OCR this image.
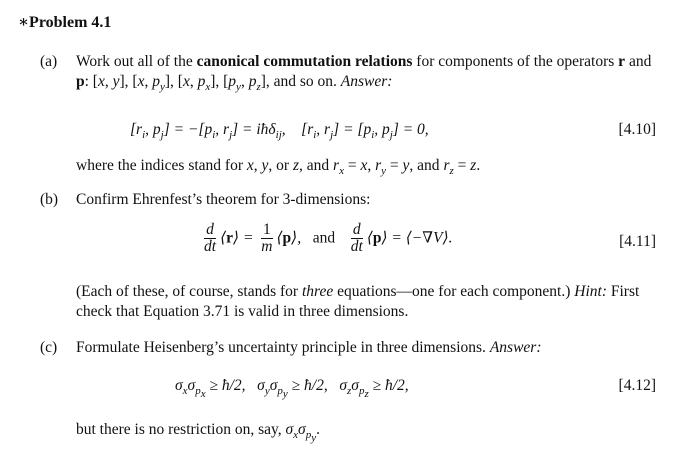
∗Problem 4.1
(a) Work out all of the canonical commutation relations for components of the operators r and p: [x, y], [x, $p_y$], [x, $p_x$], [$p_y$, $p_z$], and so on. Answer:
[$r_i$, $p_j] = -[p_i$, $r_j$] = iħδ$_{ij}$,    [$r_i$, $r_j] = [p_i$, $p_j] = 0$,	[4.10]
where the indices stand for x, y, or z, and $r_x = x$, $r_y = y$, and $r_z = z$.
(b) Confirm Ehrenfest’s theorem for 3-dimensions:
$\frac{d}{dt}$ ⟨r⟩ = $\frac{1}{m}$ ⟨p⟩,   and $\frac{d}{dt}$ ⟨p⟩ = ⟨−∇V⟩.	[4.11]
(Each of these, of course, stands for three equations—one for each component.) Hint: First check that Equation 3.71 is valid in three dimensions.
(c) Formulate Heisenberg’s uncertainty principle in three dimensions. Answer:
$\sigma_x\sigma_{p_x}$ ≥ ħ/2,   $\sigma_y\sigma_{p_y}$ ≥ ħ/2,   $\sigma_z\sigma_{p_z}$ ≥ ħ/2,	[4.12]
but there is no restriction on, say, $\sigma_x\sigma_{p_y}$.
